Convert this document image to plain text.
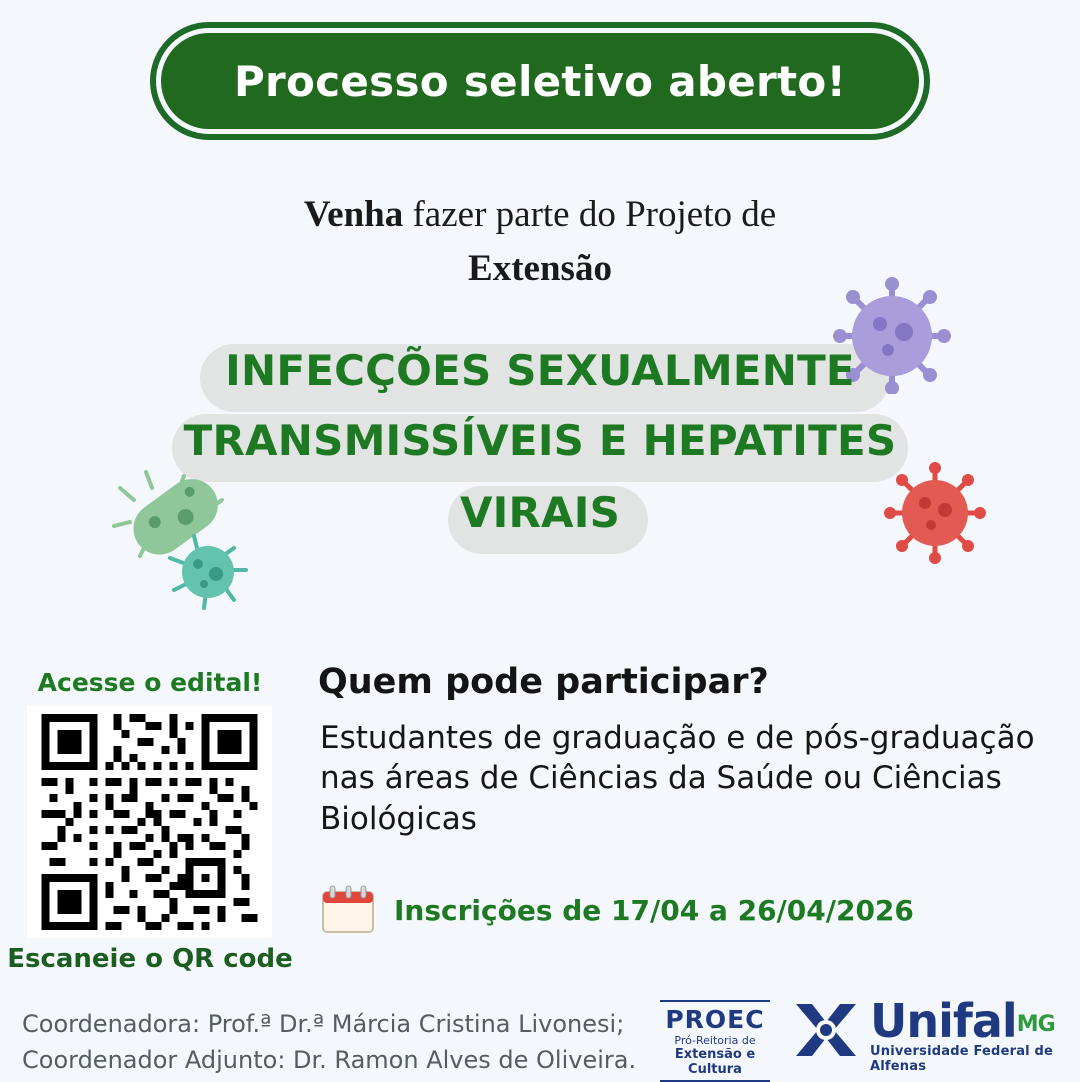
Processo seletivo aberto!
Venha fazer parte do Projeto de
Extensão
INFECÇÕES SEXUALMENTE
TRANSMISSÍVEIS E HEPATITES
VIRAIS
Acesse o edital!
Escaneie o QR code
Quem pode participar?
Estudantes de graduação e de pós-graduação nas áreas de Ciências da Saúde ou Ciências Biológicas
Inscrições de 17/04 a 26/04/2026
Coordenadora: Prof.ª Dr.ª Márcia Cristina Livonesi;
Coordenador Adjunto: Dr. Ramon Alves de Oliveira.
PROEC
Pró-Reitoria de
Extensão e Cultura
UnifalMG
Universidade Federal de Alfenas
